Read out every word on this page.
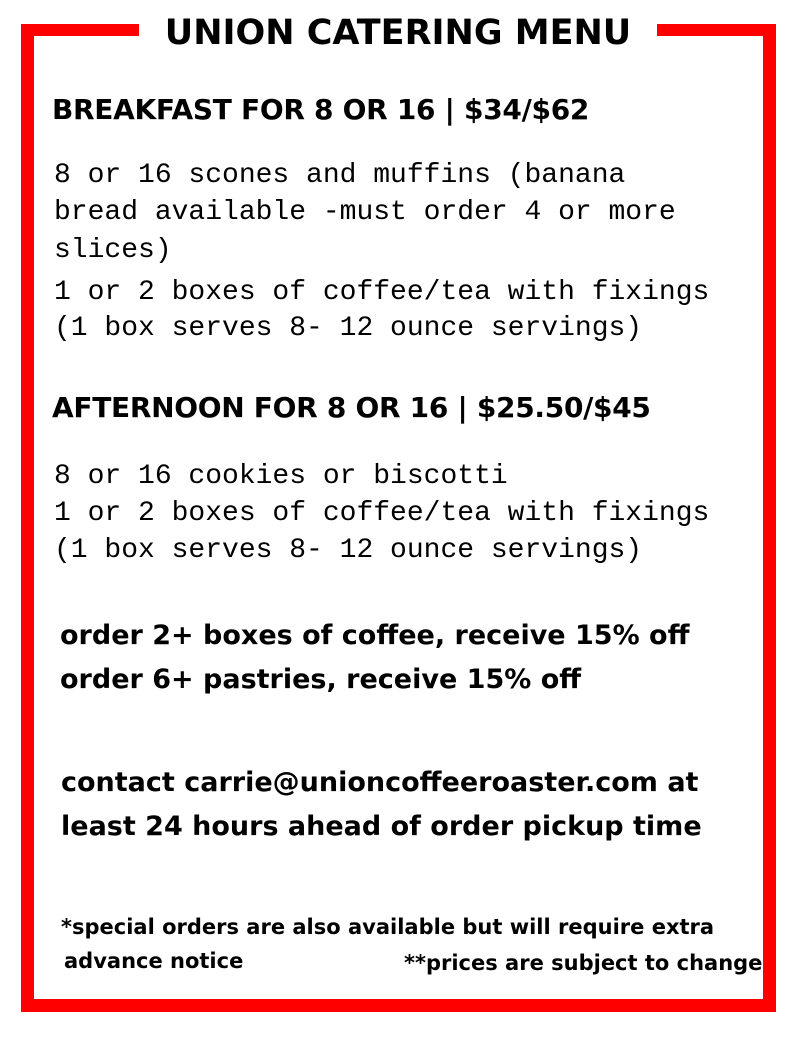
UNION CATERING MENU
BREAKFAST FOR 8 OR 16 | $34/$62
8 or 16 scones and muffins (banana
bread available -must order 4 or more
slices)
1 or 2 boxes of coffee/tea with fixings
(1 box serves 8- 12 ounce servings)
AFTERNOON FOR 8 OR 16 | $25.50/$45
8 or 16 cookies or biscotti
1 or 2 boxes of coffee/tea with fixings
(1 box serves 8- 12 ounce servings)
order 2+ boxes of coffee, receive 15% off
order 6+ pastries, receive 15% off
contact carrie@unioncoffeeroaster.com at
least 24 hours ahead of order pickup time
*special orders are also available but will require extra
advance notice	**prices are subject to change
